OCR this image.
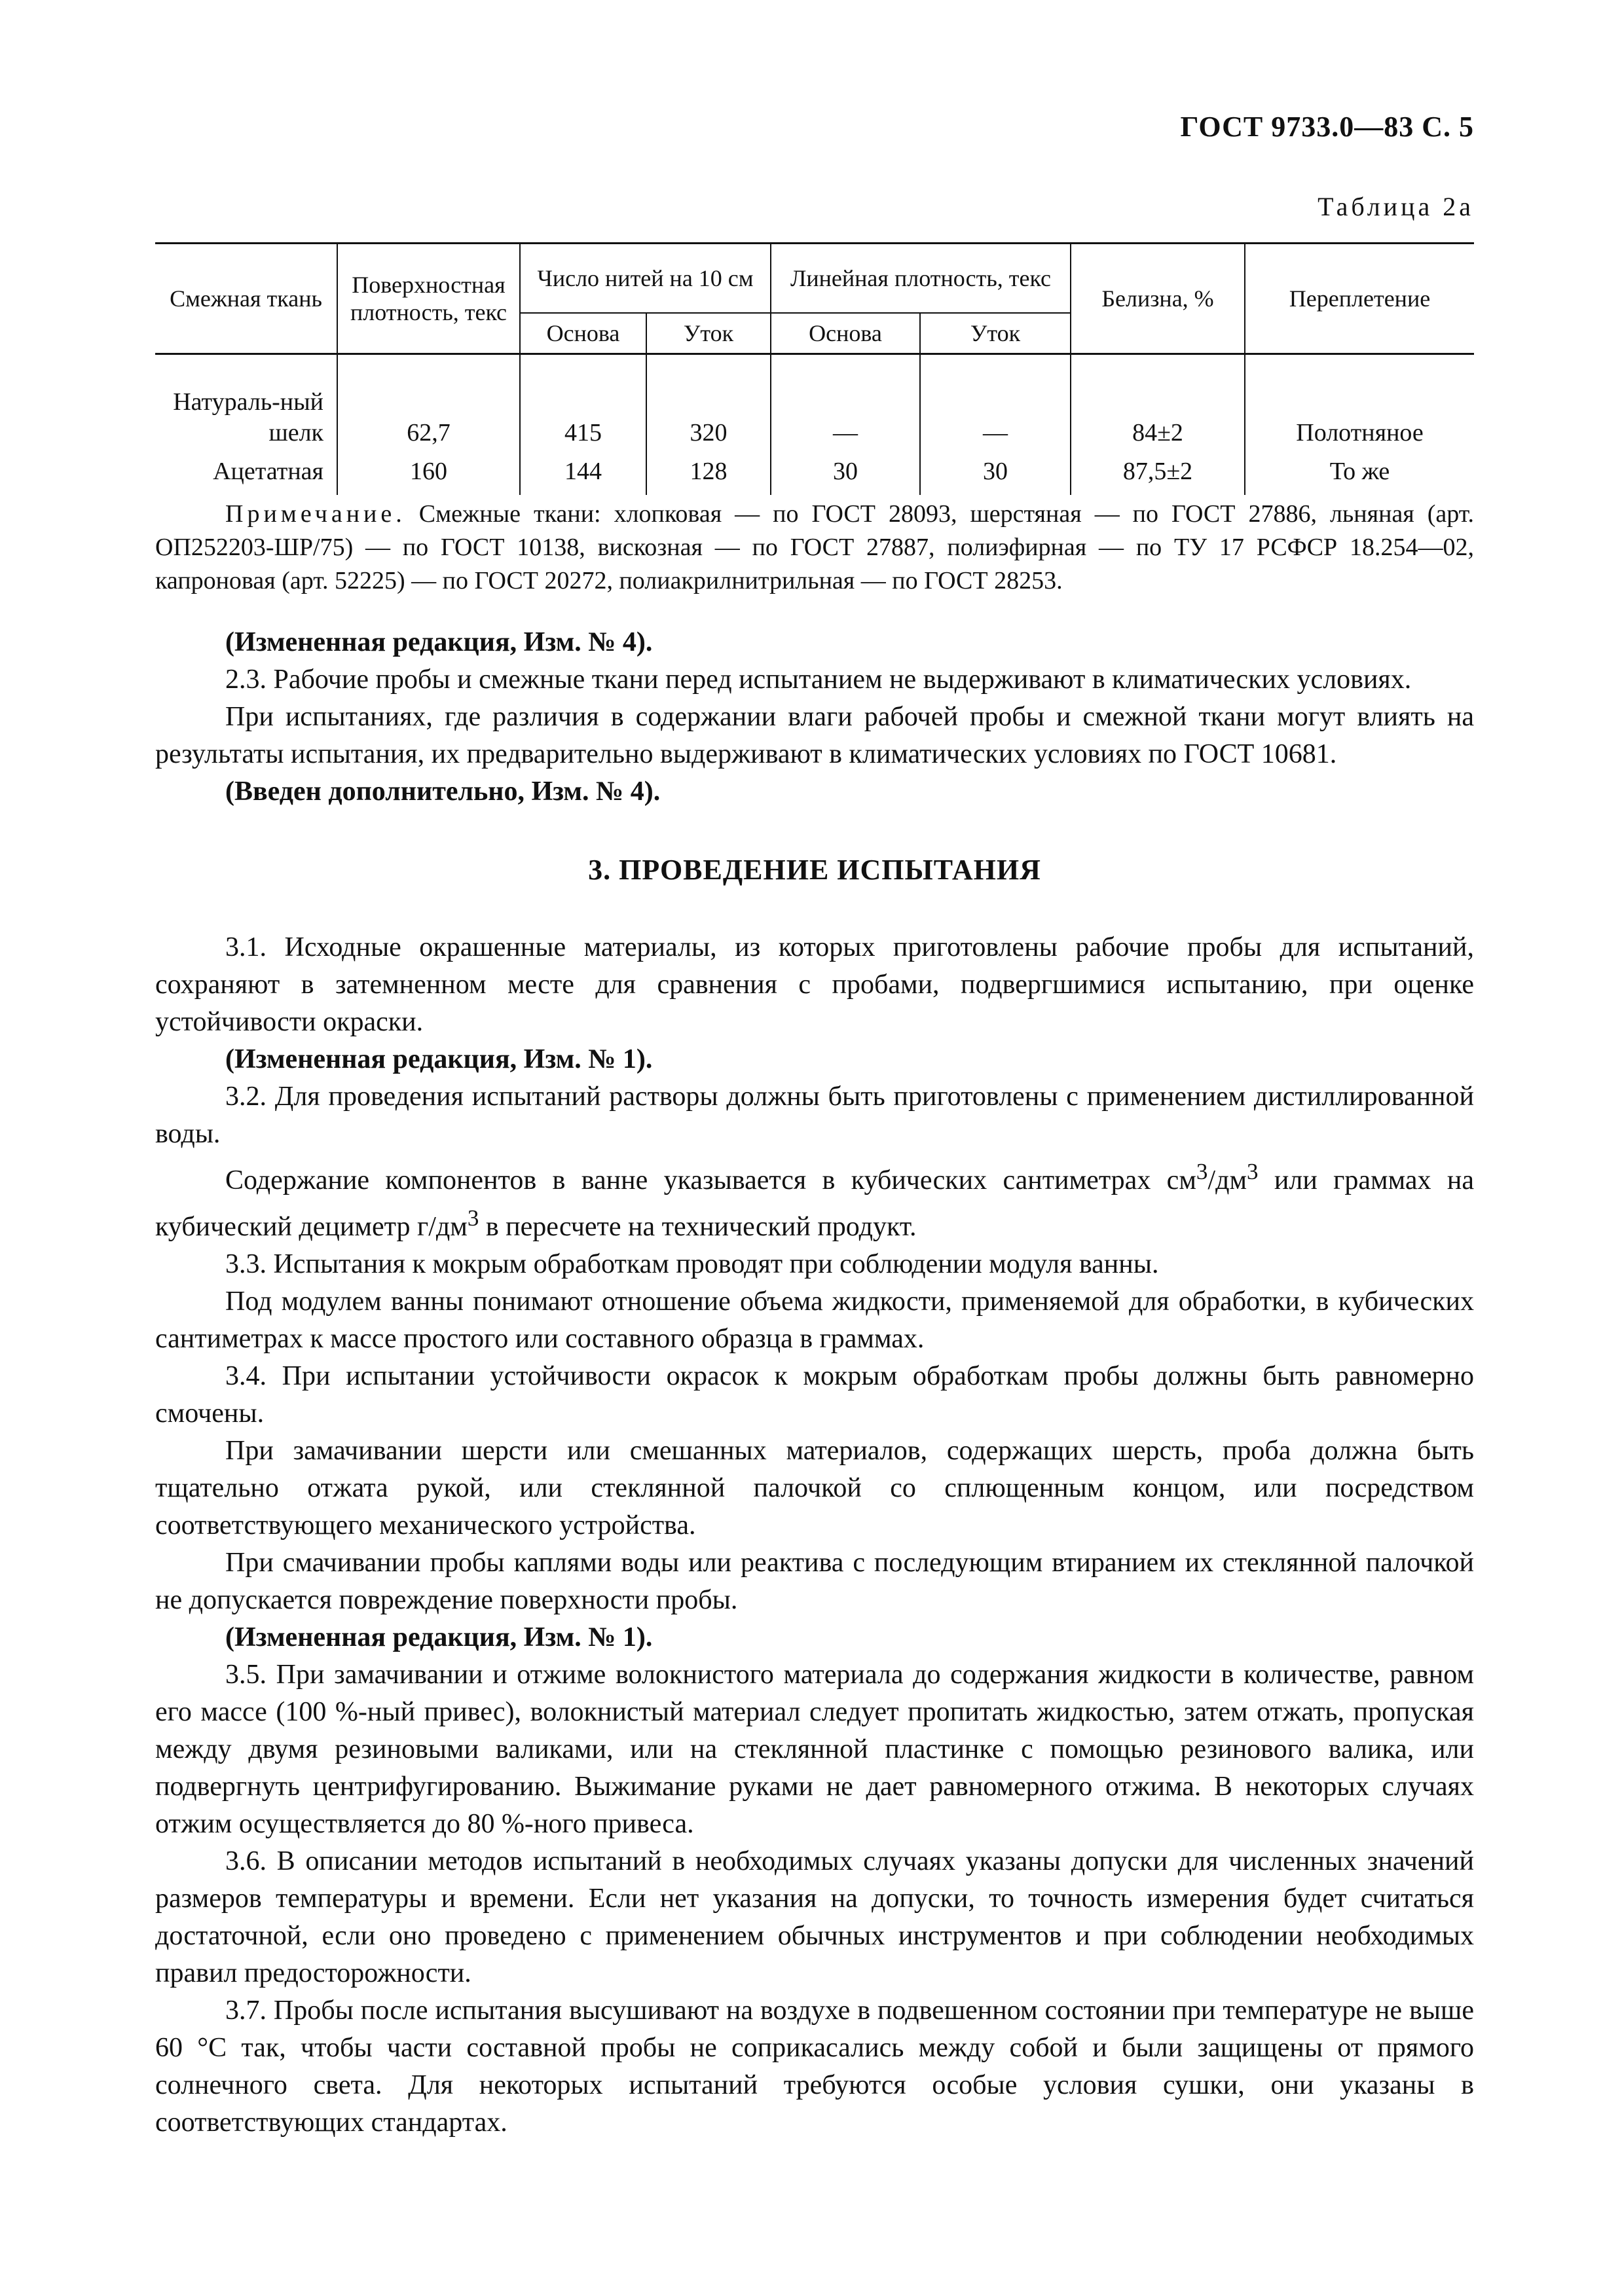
ГОСТ 9733.0—83 С. 5
Таблица 2а
Смежная ткань	Поверхностная плотность, текс	Число нитей на 10 см		Линейная плотность, текс		Белизна, %	Переплетение
		Основа	Уток	Основа	Уток		
Натураль-ный шелк	62,7	415	320	—	—	84±2	Полотняное
Ацетатная	160	144	128	30	30	87,5±2	То же

Примечание. Смежные ткани: хлопковая — по ГОСТ 28093, шерстяная — по ГОСТ 27886, льняная (арт. ОП252203-ШР/75) — по ГОСТ 10138, вискозная — по ГОСТ 27887, полиэфирная — по ТУ 17 РСФСР 18.254—02, капроновая (арт. 52225) — по ГОСТ 20272, полиакрилнитрильная — по ГОСТ 28253.

(Измененная редакция, Изм. № 4).

2.3. Рабочие пробы и смежные ткани перед испытанием не выдерживают в климатических условиях.

При испытаниях, где различия в содержании влаги рабочей пробы и смежной ткани могут влиять на результаты испытания, их предварительно выдерживают в климатических условиях по ГОСТ 10681.

(Введен дополнительно, Изм. № 4).

3. ПРОВЕДЕНИЕ ИСПЫТАНИЯ

3.1. Исходные окрашенные материалы, из которых приготовлены рабочие пробы для испытаний, сохраняют в затемненном месте для сравнения с пробами, подвергшимися испытанию, при оценке устойчивости окраски.

(Измененная редакция, Изм. № 1).

3.2. Для проведения испытаний растворы должны быть приготовлены с применением дистиллированной воды.

Содержание компонентов в ванне указывается в кубических сантиметрах $см^3/дм^3$ или граммах на кубический дециметр $г/дм^3$ в пересчете на технический продукт.

3.3. Испытания к мокрым обработкам проводят при соблюдении модуля ванны.

Под модулем ванны понимают отношение объема жидкости, применяемой для обработки, в кубических сантиметрах к массе простого или составного образца в граммах.

3.4. При испытании устойчивости окрасок к мокрым обработкам пробы должны быть равномерно смочены.

При замачивании шерсти или смешанных материалов, содержащих шерсть, проба должна быть тщательно отжата рукой, или стеклянной палочкой со сплющенным концом, или посредством соответствующего механического устройства.

При смачивании пробы каплями воды или реактива с последующим втиранием их стеклянной палочкой не допускается повреждение поверхности пробы.

(Измененная редакция, Изм. № 1).

3.5. При замачивании и отжиме волокнистого материала до содержания жидкости в количестве, равном его массе (100 %-ный привес), волокнистый материал следует пропитать жидкостью, затем отжать, пропуская между двумя резиновыми валиками, или на стеклянной пластинке с помощью резинового валика, или подвергнуть центрифугированию. Выжимание руками не дает равномерного отжима. В некоторых случаях отжим осуществляется до 80 %-ного привеса.

3.6. В описании методов испытаний в необходимых случаях указаны допуски для численных значений размеров температуры и времени. Если нет указания на допуски, то точность измерения будет считаться достаточной, если оно проведено с применением обычных инструментов и при соблюдении необходимых правил предосторожности.

3.7. Пробы после испытания высушивают на воздухе в подвешенном состоянии при температуре не выше 60 °С так, чтобы части составной пробы не соприкасались между собой и были защищены от прямого солнечного света. Для некоторых испытаний требуются особые условия сушки, они указаны в соответствующих стандартах.
